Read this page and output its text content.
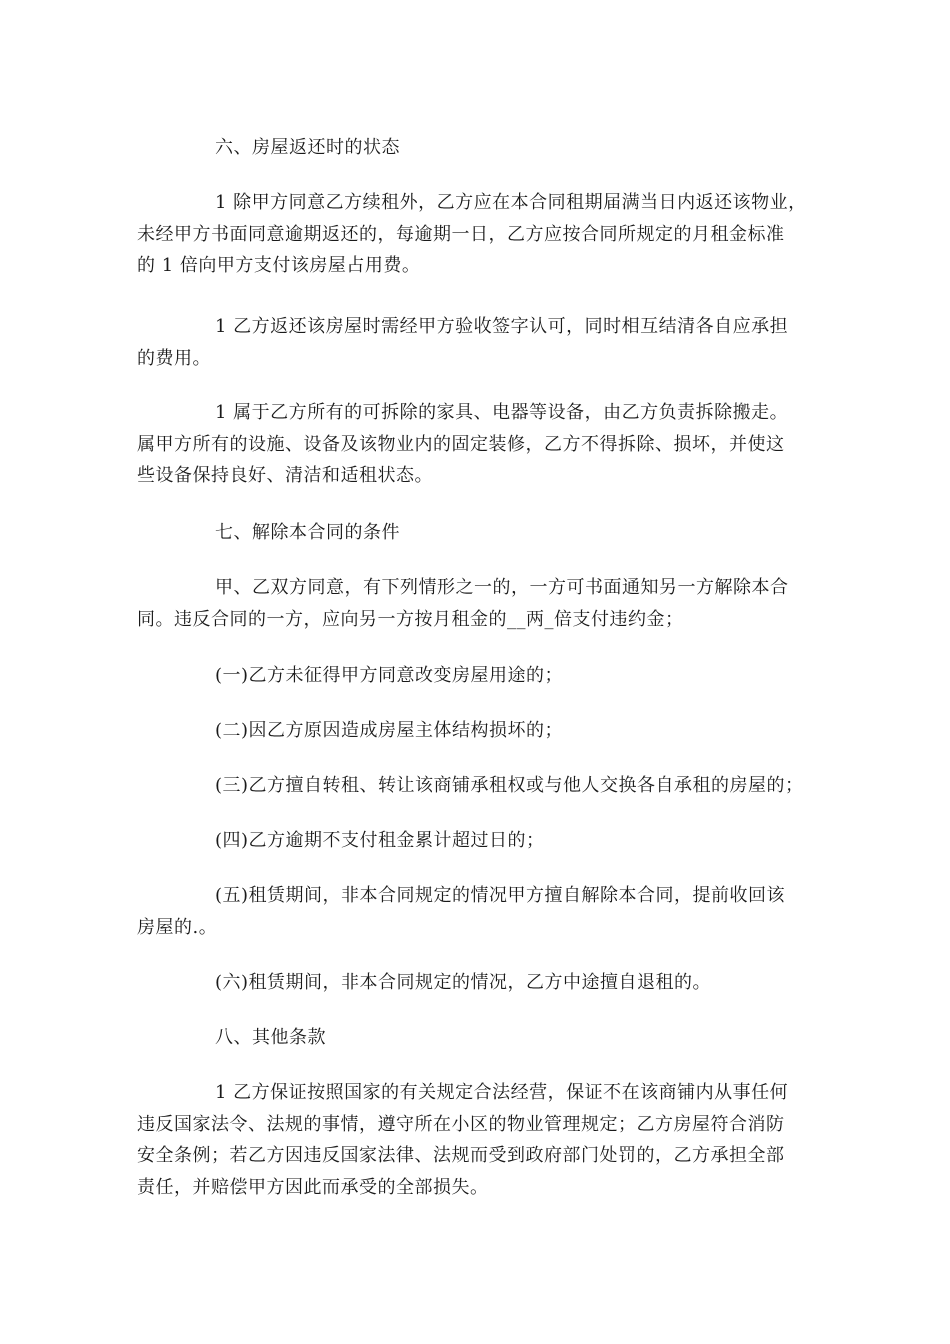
六、房屋返还时的状态
1 除甲方同意乙方续租外，乙方应在本合同租期届满当日内返还该物业，
未经甲方书面同意逾期返还的，每逾期一日，乙方应按合同所规定的月租金标准
的 1 倍向甲方支付该房屋占用费。
1 乙方返还该房屋时需经甲方验收签字认可，同时相互结清各自应承担
的费用。
1 属于乙方所有的可拆除的家具、电器等设备，由乙方负责拆除搬走。
属甲方所有的设施、设备及该物业内的固定装修，乙方不得拆除、损坏，并使这
些设备保持良好、清洁和适租状态。
七、解除本合同的条件
甲、乙双方同意，有下列情形之一的，一方可书面通知另一方解除本合
同。违反合同的一方，应向另一方按月租金的__两_倍支付违约金；
(一)乙方未征得甲方同意改变房屋用途的；
(二)因乙方原因造成房屋主体结构损坏的；
(三)乙方擅自转租、转让该商铺承租权或与他人交换各自承租的房屋的；
(四)乙方逾期不支付租金累计超过日的；
(五)租赁期间，非本合同规定的情况甲方擅自解除本合同，提前收回该
房屋的.。
(六)租赁期间，非本合同规定的情况，乙方中途擅自退租的。
八、其他条款
1 乙方保证按照国家的有关规定合法经营，保证不在该商铺内从事任何
违反国家法令、法规的事情，遵守所在小区的物业管理规定；乙方房屋符合消防
安全条例；若乙方因违反国家法律、法规而受到政府部门处罚的，乙方承担全部
责任，并赔偿甲方因此而承受的全部损失。
